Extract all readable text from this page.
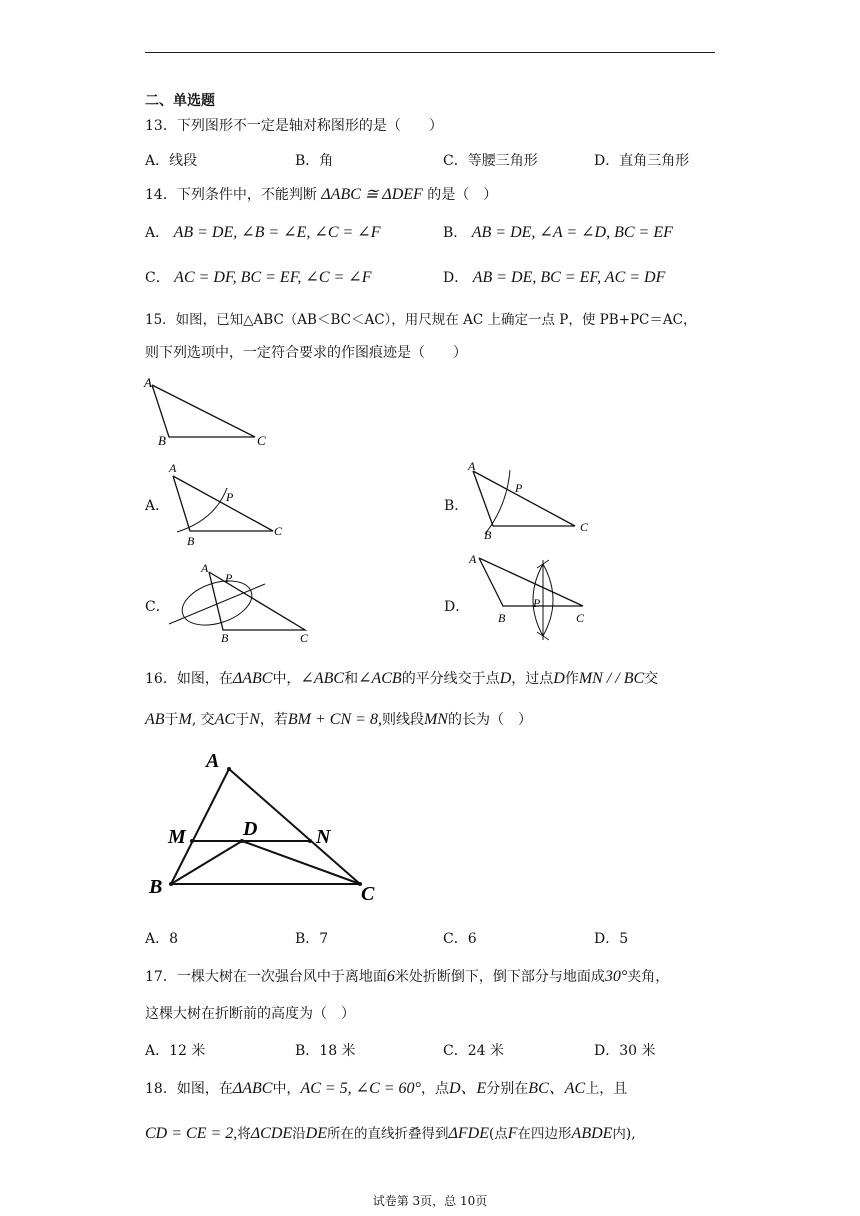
二、单选题
13．下列图形不一定是轴对称图形的是（　　）
A．线段	B．角	C．等腰三角形	D．直角三角形
14．下列条件中，不能判断 ΔABC ≅ ΔDEF 的是（　）
A． AB = DE, ∠B = ∠E, ∠C = ∠F	B． AB = DE, ∠A = ∠D, BC = EF
C． AC = DF, BC = EF, ∠C = ∠F	D． AB = DE, BC = EF, AC = DF
15．如图，已知△ABC（AB＜BC＜AC），用尺规在 AC 上确定一点 P，使 PB+PC＝AC，
则下列选项中，一定符合要求的作图痕迹是（　　）
A
B	C
A．
A
B
C
P
B．
A
B
C
P
C．
A
B	C
P
D．
A
B	C
P
16．如图，在ΔABC中，∠ABC和∠ACB的平分线交于点D，过点D作MN / / BC交
AB于M, 交AC于N，若BM + CN = 8,则线段MN的长为（　）
A
M	D	N
B	C
A．8	B．7	C．6	D．5
17．一棵大树在一次强台风中于离地面6米处折断倒下，倒下部分与地面成30°夹角，
这棵大树在折断前的高度为（　）
A．12 米	B．18 米	C．24 米	D．30 米
18．如图，在ΔABC中，AC = 5, ∠C = 60°，点D、E分别在BC、AC上，且
CD = CE = 2,将ΔCDE沿DE所在的直线折叠得到ΔFDE(点F在四边形ABDE内),
试卷第 3页，总 10页
